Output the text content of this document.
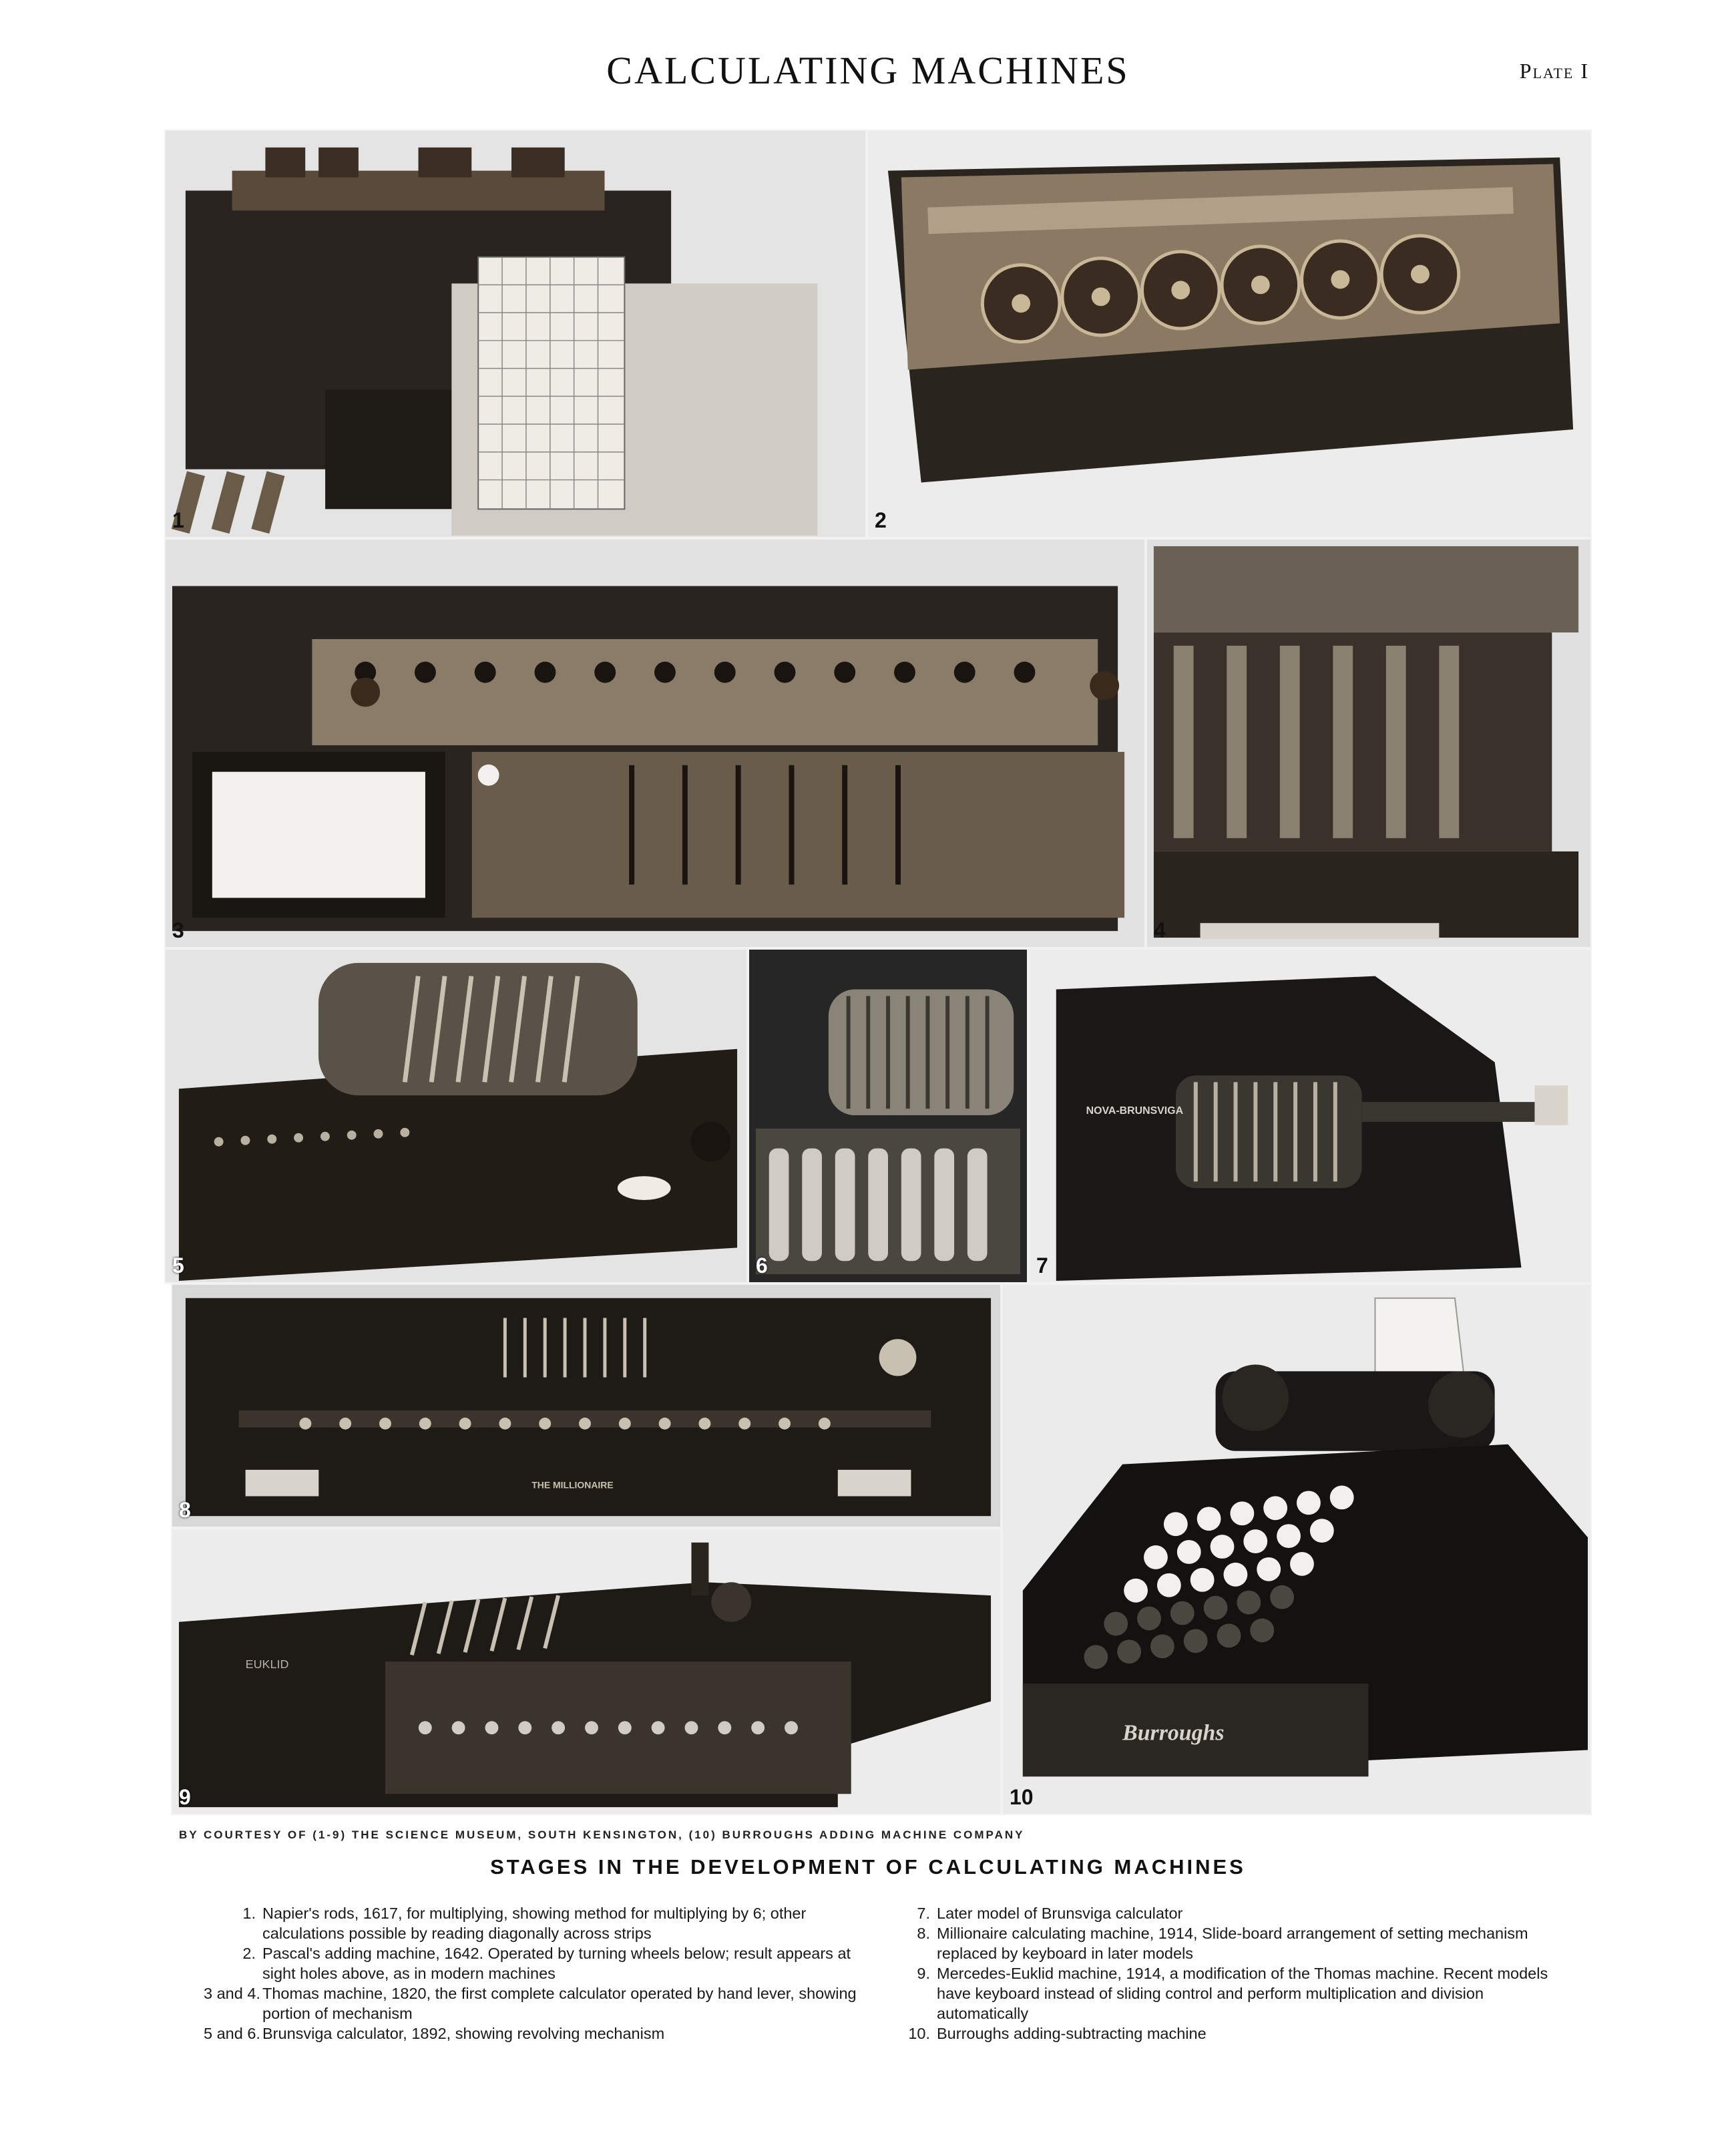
CALCULATING MACHINES	Plate I
1	2
3	4
5	6
NOVA-BRUNSVIGA
7
THE MILLIONAIRE
8
EUKLID
9
Burroughs
10
BY COURTESY OF (1-9) THE SCIENCE MUSEUM, SOUTH KENSINGTON, (10) BURROUGHS ADDING MACHINE COMPANY
STAGES IN THE DEVELOPMENT OF CALCULATING MACHINES
1. Napier's rods, 1617, for multiplying, showing method for multiplying by 6; other calculations possible by reading diagonally across strips
2. Pascal's adding machine, 1642. Operated by turning wheels below; result appears at sight holes above, as in modern machines
3 and 4. Thomas machine, 1820, the first complete calculator operated by hand lever, showing portion of mechanism
5 and 6. Brunsviga calculator, 1892, showing revolving mechanism
7. Later model of Brunsviga calculator
8. Millionaire calculating machine, 1914, Slide-board arrangement of setting mechanism replaced by keyboard in later models
9. Mercedes-Euklid machine, 1914, a modification of the Thomas machine. Recent models have keyboard instead of sliding control and perform multiplication and division automatically
10. Burroughs adding-subtracting machine
